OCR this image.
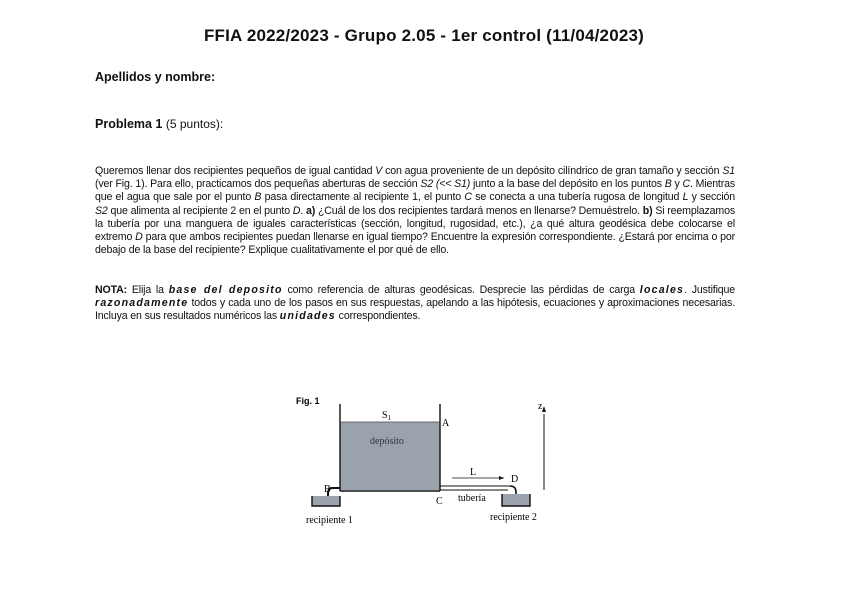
FFIA 2022/2023 - Grupo 2.05 - 1er control (11/04/2023)
Apellidos y nombre:
Problema 1 (5 puntos):
Queremos llenar dos recipientes pequeños de igual cantidad V con agua proveniente de un depósito cilíndrico de gran tamaño y sección S1 (ver Fig. 1). Para ello, practicamos dos pequeñas aberturas de sección S2 (<< S1) junto a la base del depósito en los puntos B y C. Mientras que el agua que sale por el punto B pasa directamente al recipiente 1, el punto C se conecta a una tubería rugosa de longitud L y sección S2 que alimenta al recipiente 2 en el punto D. a) ¿Cuál de los dos recipientes tardará menos en llenarse? Demuéstrelo. b) Si reemplazamos la tubería por una manguera de iguales características (sección, longitud, rugosidad, etc.), ¿a qué altura geodésica debe colocarse el extremo D para que ambos recipientes puedan llenarse en igual tiempo? Encuentre la expresión correspondiente. ¿Estará por encima o por debajo de la base del recipiente? Explique cualitativamente el por qué de ello.
NOTA: Elija la base del deposito como referencia de alturas geodésicas. Desprecie las pérdidas de carga locales. Justifique razonadamente todos y cada uno de los pasos en sus respuestas, apelando a las hipótesis, ecuaciones y aproximaciones necesarias. Incluya en sus resultados numéricos las unidades correspondientes.
Fig. 1
$S_1$	A
depósito
B
recipiente 1
C tubería
L
D
recipiente 2
z
